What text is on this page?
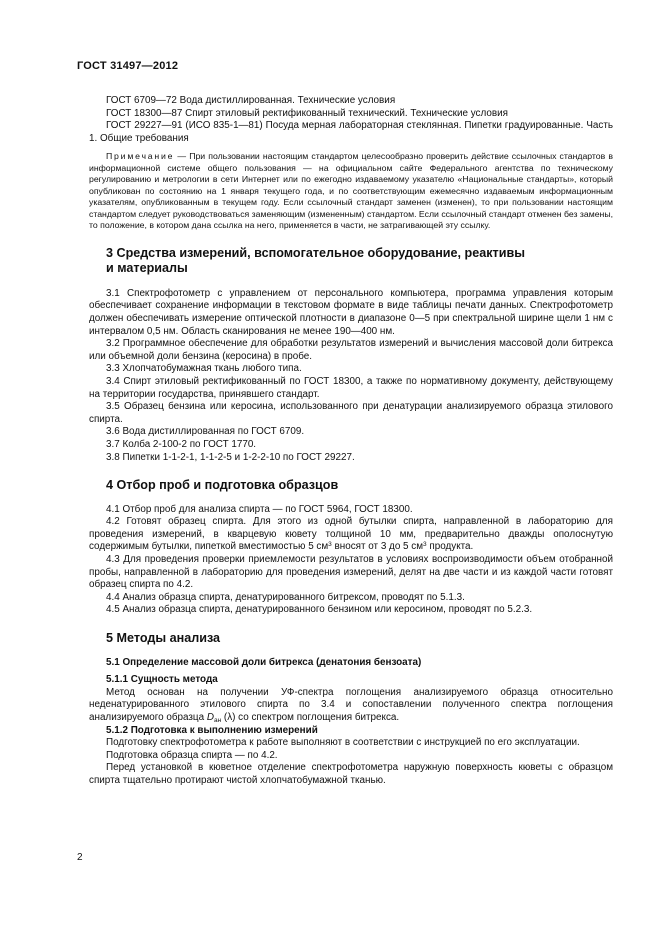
ГОСТ 31497—2012

ГОСТ 6709—72 Вода дистиллированная. Технические условия

ГОСТ 18300—87 Спирт этиловый ректификованный технический. Технические условия

ГОСТ 29227—91 (ИСО 835-1—81) Посуда мерная лабораторная стеклянная. Пипетки градуированные. Часть 1. Общие требования

Примечание — При пользовании настоящим стандартом целесообразно проверить действие ссылочных стандартов в информационной системе общего пользования — на официальном сайте Федерального агентства по техническому регулированию и метрологии в сети Интернет или по ежегодно издаваемому указателю «Национальные стандарты», который опубликован по состоянию на 1 января текущего года, и по соответствующим ежемесячно издаваемым информационным указателям, опубликованным в текущем году. Если ссылочный стандарт заменен (изменен), то при пользовании настоящим стандартом следует руководствоваться заменяющим (измененным) стандартом. Если ссылочный стандарт отменен без замены, то положение, в котором дана ссылка на него, применяется в части, не затрагивающей эту ссылку.

3 Средства измерений, вспомогательное оборудование, реактивы
и материалы

3.1 Спектрофотометр с управлением от персонального компьютера, программа управления которым обеспечивает сохранение информации в текстовом формате в виде таблицы печати данных. Спектрофотометр должен обеспечивать измерение оптической плотности в диапазоне 0—5 при спектральной ширине щели 1 нм с интервалом 0,5 нм. Область сканирования не менее 190—400 нм.

3.2 Программное обеспечение для обработки результатов измерений и вычисления массовой доли битрекса или объемной доли бензина (керосина) в пробе.

3.3 Хлопчатобумажная ткань любого типа.

3.4 Спирт этиловый ректификованный по ГОСТ 18300, а также по нормативному документу, действующему на территории государства, принявшего стандарт.

3.5 Образец бензина или керосина, использованного при денатурации анализируемого образца этилового спирта.

3.6 Вода дистиллированная по ГОСТ 6709.

3.7 Колба 2-100-2 по ГОСТ 1770.

3.8 Пипетки 1-1-2-1, 1-1-2-5 и 1-2-2-10 по ГОСТ 29227.

4 Отбор проб и подготовка образцов

4.1 Отбор проб для анализа спирта — по ГОСТ 5964, ГОСТ 18300.

4.2 Готовят образец спирта. Для этого из одной бутылки спирта, направленной в лабораторию для проведения измерений, в кварцевую кювету толщиной 10 мм, предварительно дважды ополоснутую содержимым бутылки, пипеткой вместимостью 5 $см^3$ вносят от 3 до 5 $см^3$ продукта.

4.3 Для проведения проверки приемлемости результатов в условиях воспроизводимости объем отобранной пробы, направленной в лабораторию для проведения измерений, делят на две части и из каждой части готовят образец спирта по 4.2.

4.4 Анализ образца спирта, денатурированного битрексом, проводят по 5.1.3.

4.5 Анализ образца спирта, денатурированного бензином или керосином, проводят по 5.2.3.

5 Методы анализа
5.1 Определение массовой доли битрекса (денатония бензоата)
5.1.1 Сущность метода

Метод основан на получении УФ-спектра поглощения анализируемого образца относительно неденатурированного этилового спирта по 3.4 и сопоставлении полученного спектра поглощения анализируемого образца $D_{ан}$ (λ) со спектром поглощения битрекса.

5.1.2 Подготовка к выполнению измерений

Подготовку спектрофотометра к работе выполняют в соответствии с инструкцией по его эксплуатации.

Подготовка образца спирта — по 4.2.

Перед установкой в кюветное отделение спектрофотометра наружную поверхность кюветы с образцом спирта тщательно протирают чистой хлопчатобумажной тканью.

2
